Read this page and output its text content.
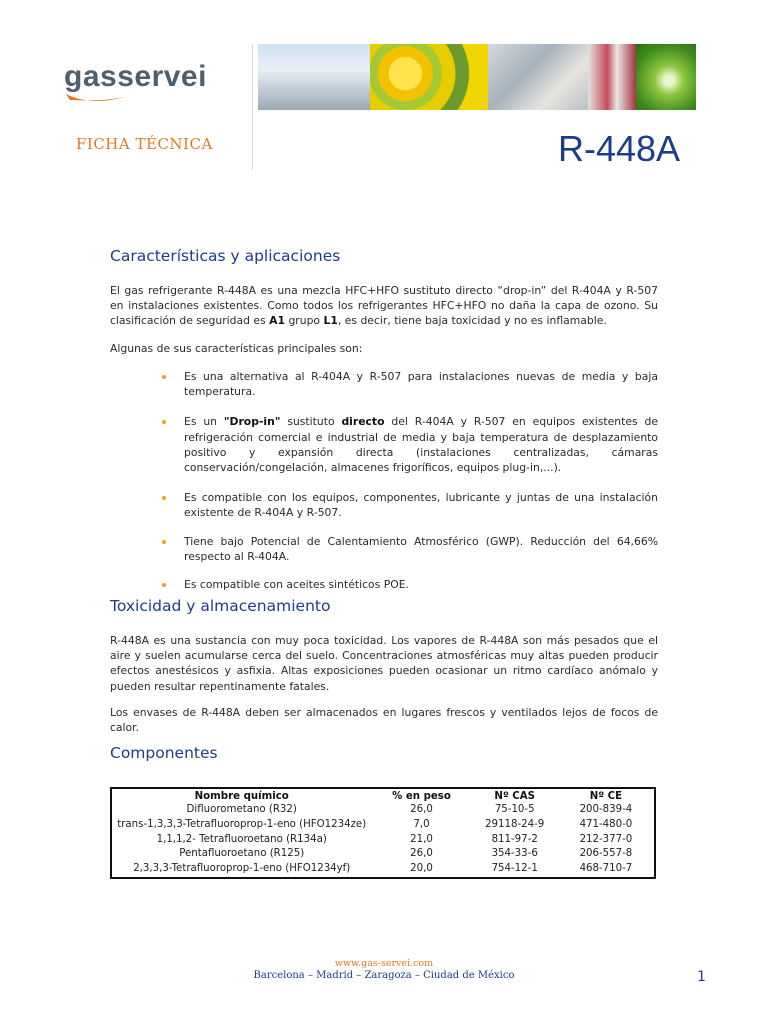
gasservei
FICHA TÉCNICA	R-448A
Características y aplicaciones

El gas refrigerante R-448A es una mezcla HFC+HFO sustituto directo “drop-in” del R-404A y R-507 en instalaciones existentes. Como todos los refrigerantes HFC+HFO no daña la capa de ozono. Su clasificación de seguridad es A1 grupo L1, es decir, tiene baja toxicidad y no es inflamable.

Algunas de sus características principales son:

Es una alternativa al R-404A y R-507 para instalaciones nuevas de media y baja temperatura.
Es un "Drop-in" sustituto directo del R-404A y R-507 en equipos existentes de refrigeración comercial e industrial de media y baja temperatura de desplazamiento positivo y expansión directa (instalaciones centralizadas, cámaras conservación/congelación, almacenes frigoríficos, equipos plug-in,...).
Es compatible con los equipos, componentes, lubricante y juntas de una instalación existente de R-404A y R-507.
Tiene bajo Potencial de Calentamiento Atmosférico (GWP). Reducción del 64,66% respecto al R-404A.
Es compatible con aceites sintéticos POE.
Toxicidad y almacenamiento

R-448A es una sustancia con muy poca toxicidad. Los vapores de R-448A son más pesados que el aire y suelen acumularse cerca del suelo. Concentraciones atmosféricas muy altas pueden producir efectos anestésicos y asfixia. Altas exposiciones pueden ocasionar un ritmo cardíaco anómalo y pueden resultar repentinamente fatales.

Los envases de R-448A deben ser almacenados en lugares frescos y ventilados lejos de focos de calor.

Componentes
Nombre químico	% en peso	Nº CAS	Nº CE
Difluorometano (R32)	26,0	75-10-5	200-839-4
trans-1,3,3,3-Tetrafluoroprop-1-eno (HFO1234ze)	7,0	29118-24-9	471-480-0
1,1,1,2- Tetrafluoroetano (R134a)	21,0	811-97-2	212-377-0
Pentafluoroetano (R125)	26,0	354-33-6	206-557-8
2,3,3,3-Tetrafluoroprop-1-eno (HFO1234yf)	20,0	754-12-1	468-710-7
www.gas-servei.com
Barcelona – Madrid – Zaragoza – Ciudad de México	1
